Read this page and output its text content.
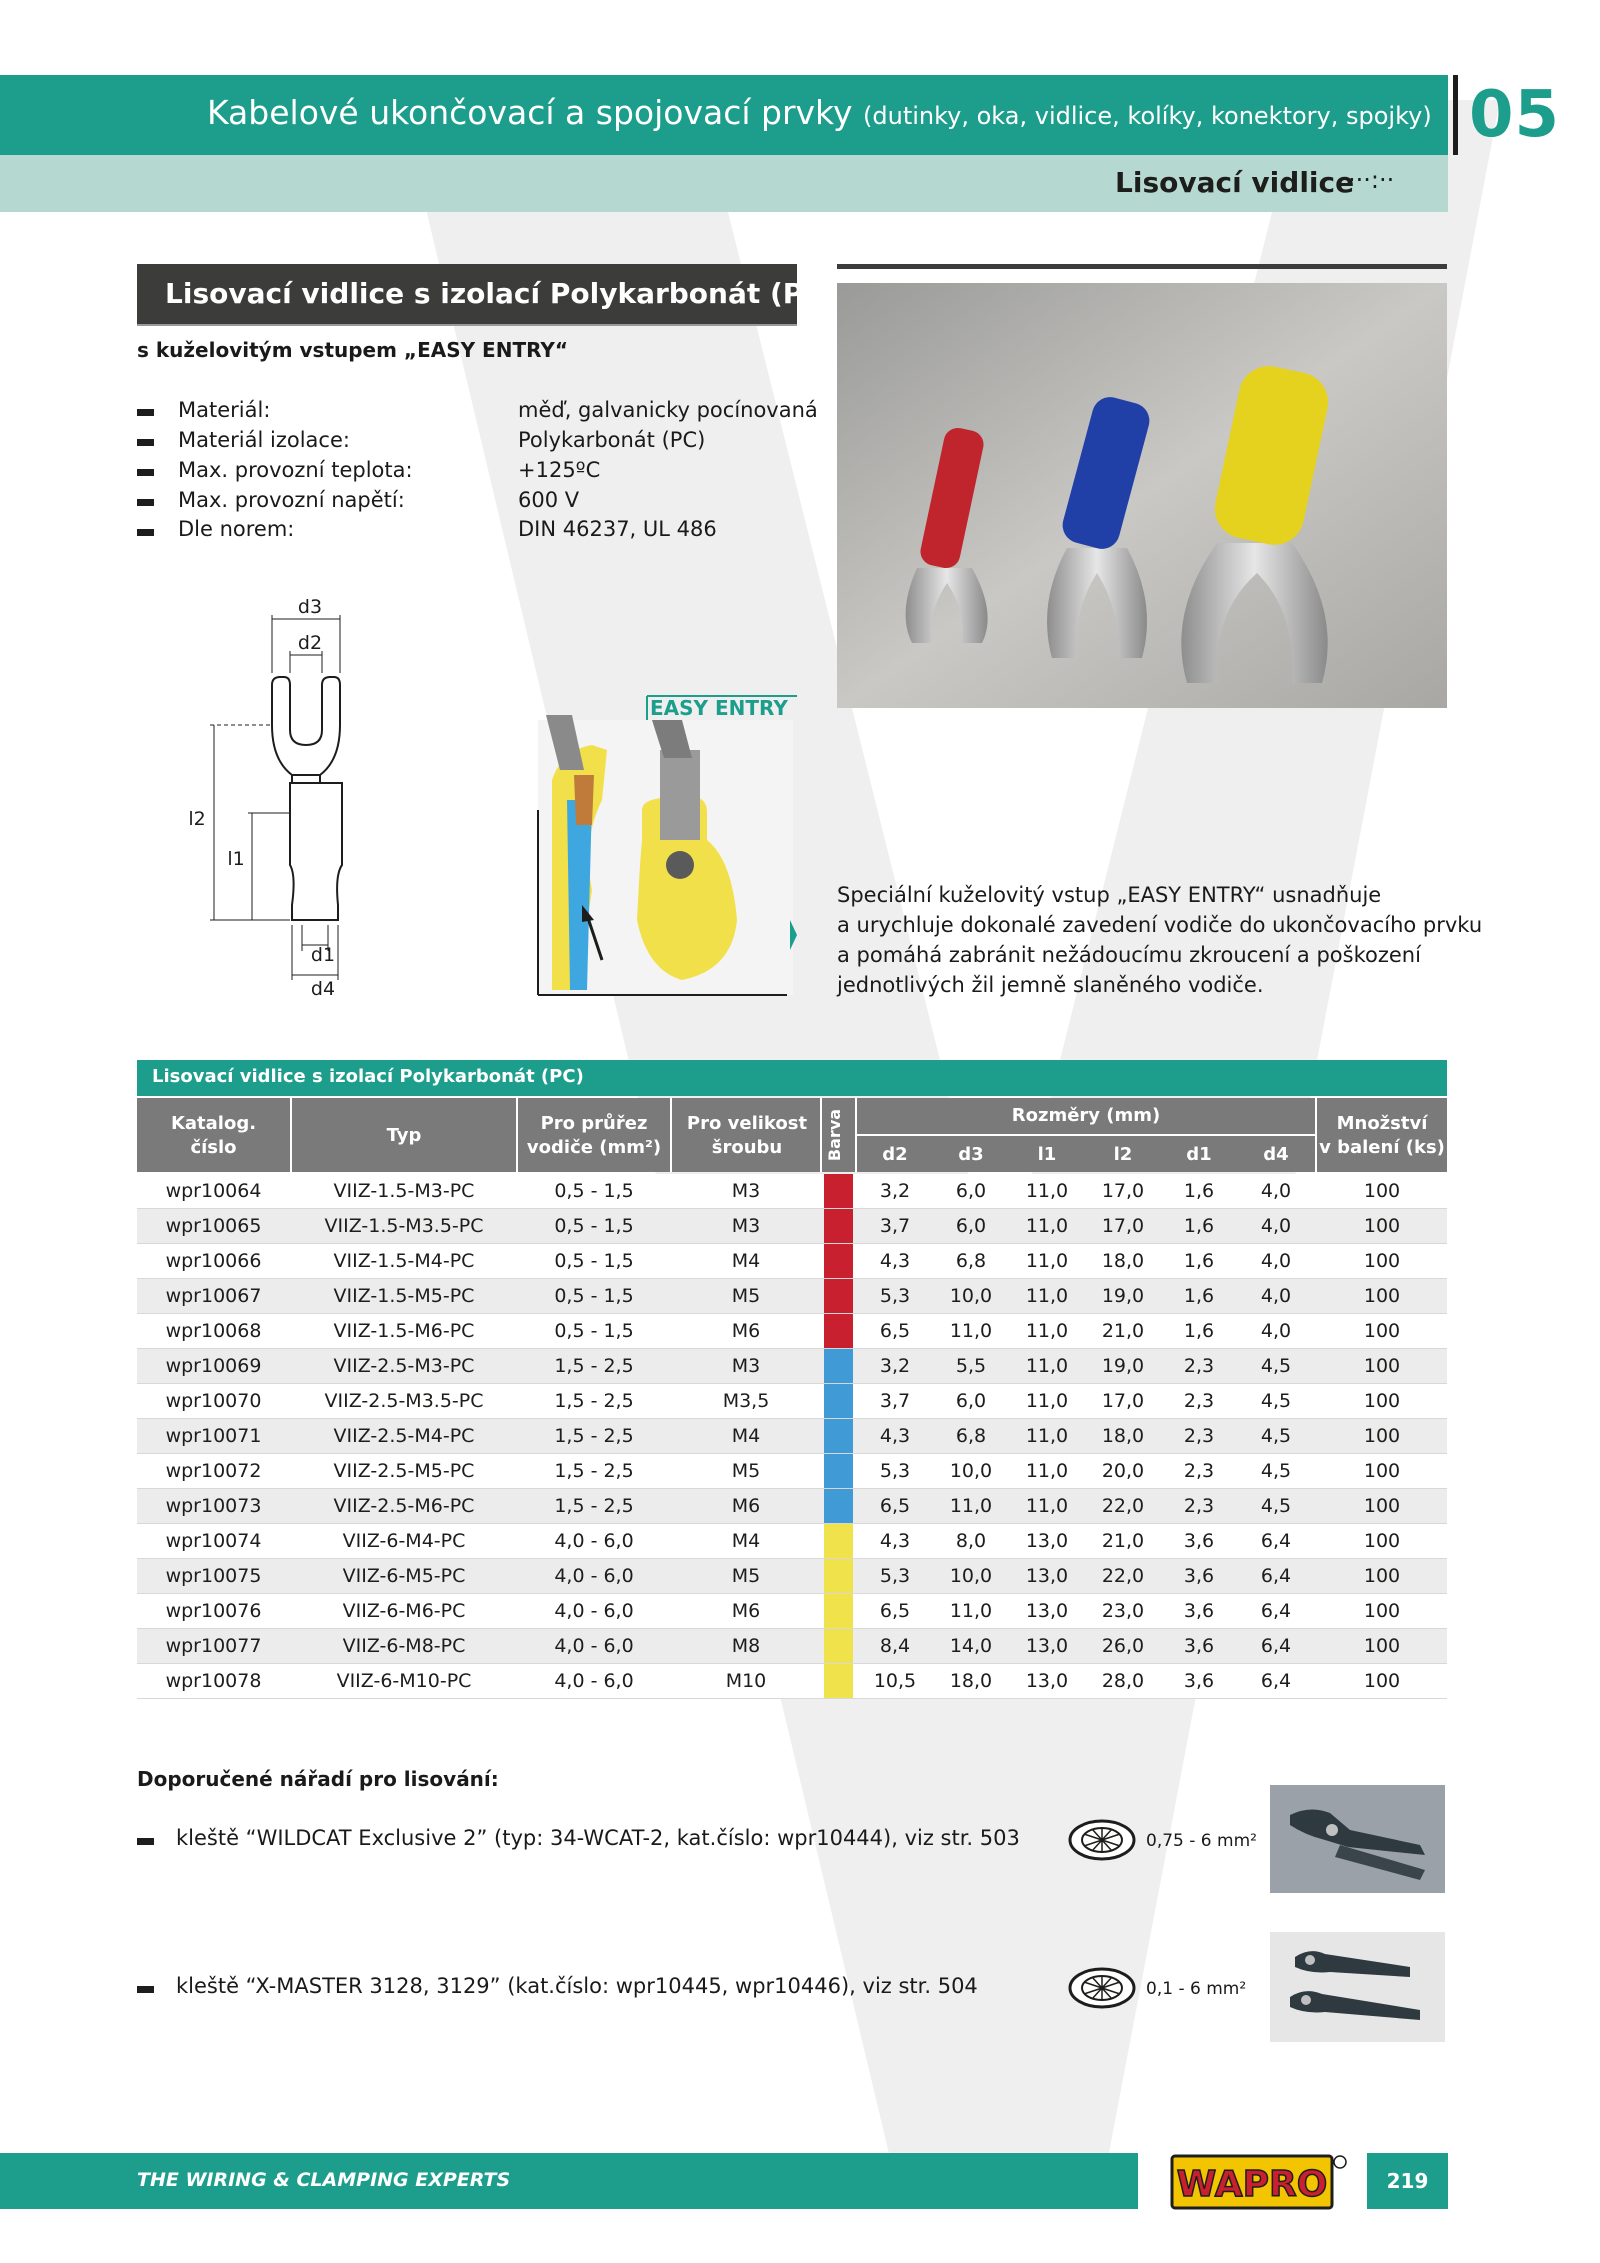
Kabelové ukončovací a spojovací prvky (dutinky, oka, vidlice, kolíky, konektory, spojky) 05
Lisovací vidlice
···:··
Lisovací vidlice s izolací Polykarbonát (PC)
s kuželovitým vstupem „EASY ENTRY“
Materiál:	měď, galvanicky pocínovaná
Materiál izolace:	Polykarbonát (PC)
Max. provozní teplota:	+125ºC
Max. provozní napětí:	600 V
Dle norem:	DIN 46237, UL 486
d3
d2
l2
l1
d1
d4
EASY ENTRY
Speciální kuželovitý vstup „EASY ENTRY“ usnadňuje
a urychluje dokonalé zavedení vodiče do ukončovacího prvku
a pomáhá zabránit nežádoucímu zkroucení a poškození
jednotlivých žil jemně slaněného vodiče.
Lisovací vidlice s izolací Polykarbonát (PC)
Katalog.
číslo
Typ
Pro průřez
vodiče (mm²)
Pro velikost
šroubu	Barva	Rozměry (mm)
d2	d3	l1	l2	d1	d4
Množství
v balení (ks)
wpr10064	VIIZ-1.5-M3-PC	0,5 - 1,5	M3	3,2	6,0	11,0	17,0	1,6	4,0	100
wpr10065	VIIZ-1.5-M3.5-PC	0,5 - 1,5	M3	3,7	6,0	11,0	17,0	1,6	4,0	100
wpr10066	VIIZ-1.5-M4-PC	0,5 - 1,5	M4	4,3	6,8	11,0	18,0	1,6	4,0	100
wpr10067	VIIZ-1.5-M5-PC	0,5 - 1,5	M5	5,3	10,0	11,0	19,0	1,6	4,0	100
wpr10068	VIIZ-1.5-M6-PC	0,5 - 1,5	M6	6,5	11,0	11,0	21,0	1,6	4,0	100
wpr10069	VIIZ-2.5-M3-PC	1,5 - 2,5	M3	3,2	5,5	11,0	19,0	2,3	4,5	100
wpr10070	VIIZ-2.5-M3.5-PC	1,5 - 2,5	M3,5	3,7	6,0	11,0	17,0	2,3	4,5	100
wpr10071	VIIZ-2.5-M4-PC	1,5 - 2,5	M4	4,3	6,8	11,0	18,0	2,3	4,5	100
wpr10072	VIIZ-2.5-M5-PC	1,5 - 2,5	M5	5,3	10,0	11,0	20,0	2,3	4,5	100
wpr10073	VIIZ-2.5-M6-PC	1,5 - 2,5	M6	6,5	11,0	11,0	22,0	2,3	4,5	100
wpr10074	VIIZ-6-M4-PC	4,0 - 6,0	M4	4,3	8,0	13,0	21,0	3,6	6,4	100
wpr10075	VIIZ-6-M5-PC	4,0 - 6,0	M5	5,3	10,0	13,0	22,0	3,6	6,4	100
wpr10076	VIIZ-6-M6-PC	4,0 - 6,0	M6	6,5	11,0	13,0	23,0	3,6	6,4	100
wpr10077	VIIZ-6-M8-PC	4,0 - 6,0	M8	8,4	14,0	13,0	26,0	3,6	6,4	100
wpr10078	VIIZ-6-M10-PC	4,0 - 6,0	M10	10,5	18,0	13,0	28,0	3,6	6,4	100
Doporučené nářadí pro lisování:
kleště “WILDCAT Exclusive 2” (typ: 34-WCAT-2, kat.číslo: wpr10444), viz str. 503	0,75 - 6 mm²
kleště “X-MASTER 3128, 3129” (kat.číslo: wpr10445, wpr10446), viz str. 504	0,1 - 6 mm²
THE WIRING & CLAMPING EXPERTS	WAPRO	219
